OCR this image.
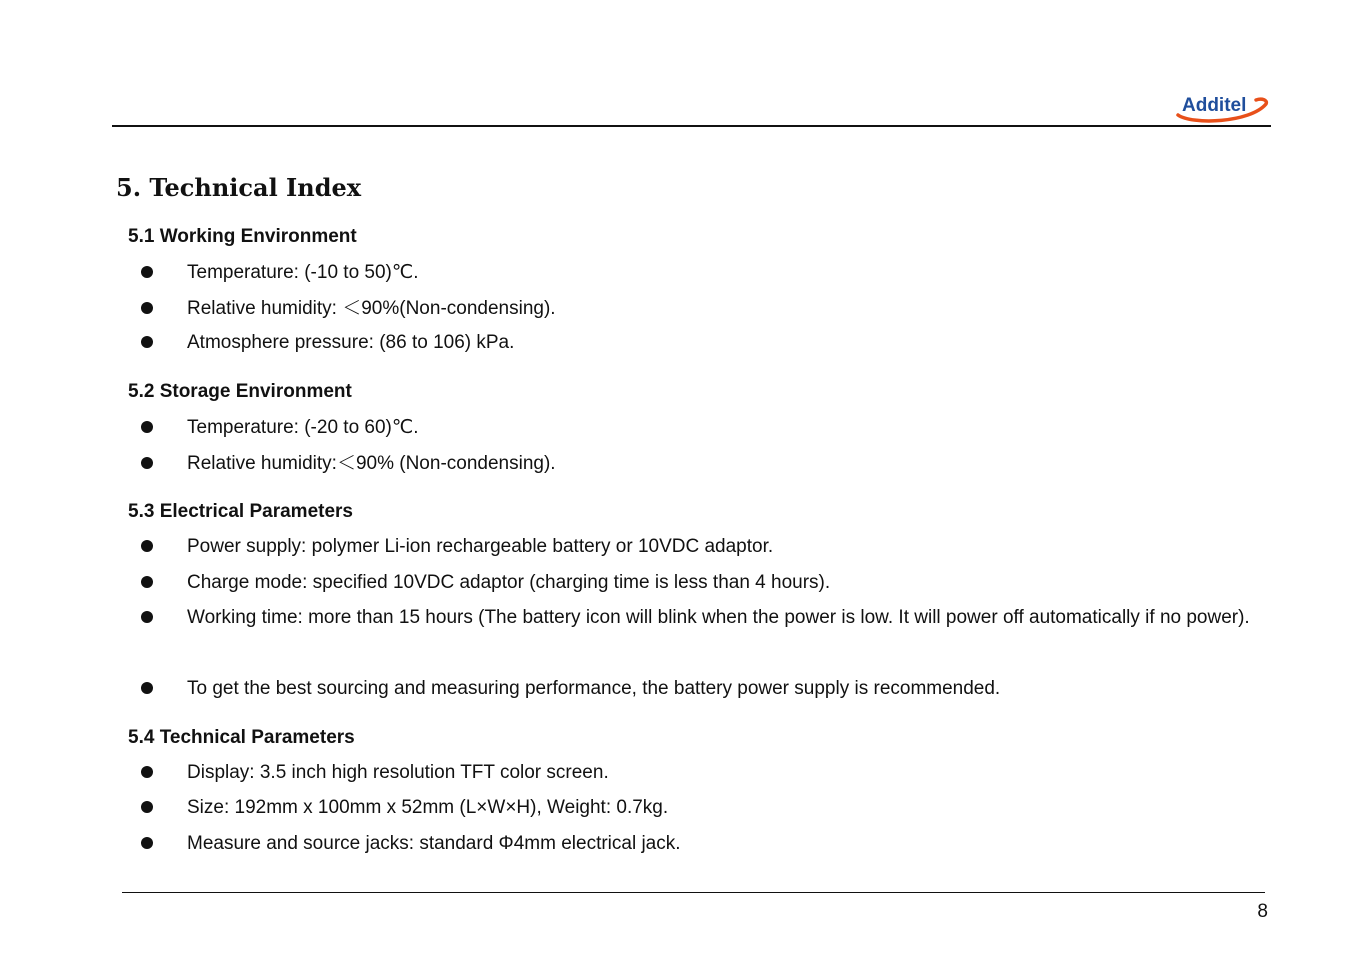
Additel
5. Technical Index
5.1 Working Environment
Temperature: (-10 to 50)℃.
Relative humidity: ＜90%(Non-condensing).
Atmosphere pressure: (86 to 106) kPa.
5.2 Storage Environment
Temperature: (-20 to 60)℃.
Relative humidity:＜90% (Non-condensing).
5.3 Electrical Parameters
Power supply: polymer Li-ion rechargeable battery or 10VDC adaptor.
Charge mode: specified 10VDC adaptor (charging time is less than 4 hours).
Working time: more than 15 hours (The battery icon will blink when the power is low. It will power off automatically if no power).
To get the best sourcing and measuring performance, the battery power supply is recommended.
5.4 Technical Parameters
Display: 3.5 inch high resolution TFT color screen.
Size: 192mm x 100mm x 52mm (L×W×H), Weight: 0.7kg.
Measure and source jacks: standard Φ4mm electrical jack.
8
